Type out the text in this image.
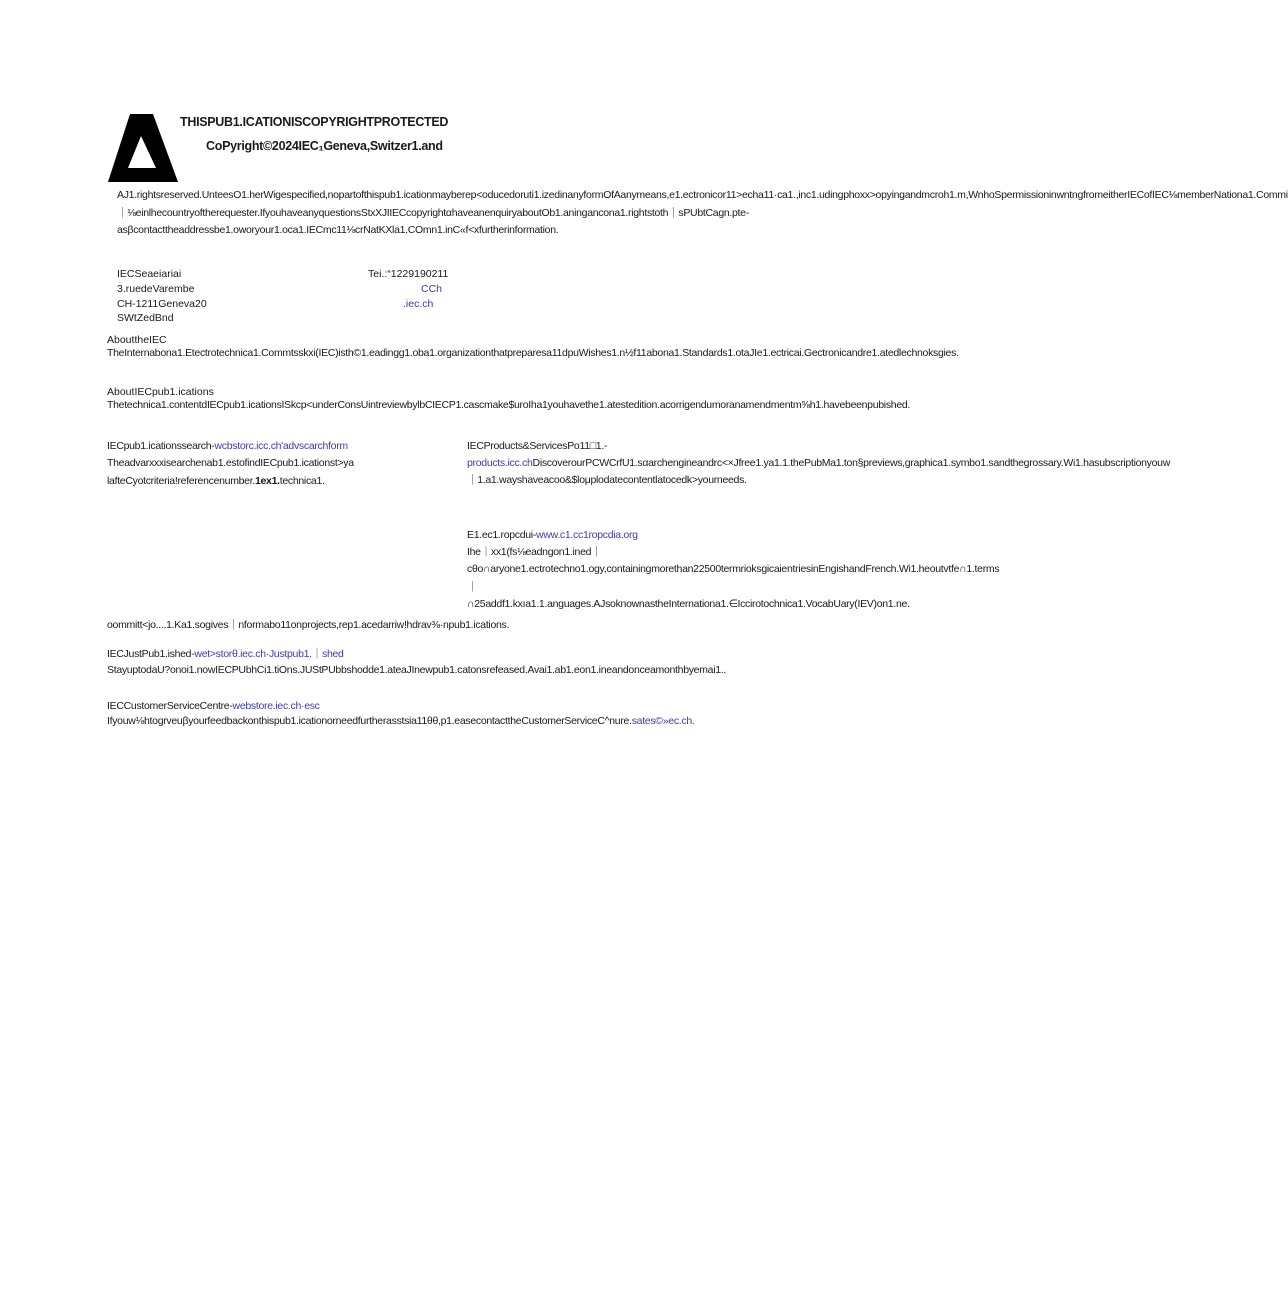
THISPUB1.ICATIONISCOPYRIGHTPROTECTED
CoPyright©2024IEC₁Geneva,Switzer1.and
AJ1.rightsreserved.UnteesO1.herWigespecified,nopartofthispub1.icationmayberep<oducedoruti1.izedinanyformOfAanymeans,e1.ectronicor11>echa11·ca1.,inc1.udingphoxx>opyingandmcroh1.m,WnhoSpermissioninwntngfromeitherIECofIEC⅛memberNationa1.Commi｜⅛einlhecountryoftherequester.IfyouhaveanyquestionsStxXJIIECcopyrightαhaveanenquiryaboutOb1.aningancona1.rightstoth｜sPUbtCagn.pte-asβcontacttheaddressbe1.oworyour1.oca1.IECmc11⅛crNatKXla1.COmn1.inC«f<xfurtherinformation.
IECSeaeiariai
3.ruedeVarembe
CH-1211Geneva20
SWtZedBnd
Tei.:“1229190211
CCh
.iec.ch
AbouttheIEC
TheInternabona1.Etectrotechnica1.Commtsskxi(IEC)isth©1.eadingg1.oba1.organizationthatpreparesa11dpuWishes1.n½f11abona1.Standards1.otaJIe1.ectricai.Gectronicandre1.atedlechnoksgies.
AboutIECpub1.ications
Thetechnica1.contentdIECpub1.icationsISkcp<underConsUintreviewbylbCIECP1.cascmake$uroIha1youhavethe1.atestedition.acorrigendumoranamendmentm⅝h1.havebeenpubished.
IECpub1.icationssearch-wcbstorc.icc.ch'advscarchform
Theadvarxxxisearchenab1.estofindIECpub1.icationst>ya
lafteCyotcriteria!referencenumber.1ex1.technica1.
IECProducts&ServicesPo11□1.-
products.icc.chDiscoverourPCWCrfU1.sαarchengineandrc<×Jfree1.ya1.1.thePubMa1.ton§previews,graphica1.symbo1.sandthegrossary.Wi1.hasubscriptionyouw｜1.a1.wayshaveacoo&$loμplodatecontentlatocedk>yourneeds.
E1.ec1.ropcdui-www.c1.cc1ropcdia.org
Ihe｜xx1(fs⅛eadngon1.ined｜cθo∩aryone1.ectrotechno1.ogy,containingmorethan22500termrioksgicaientriesinEngishandFrench.Wi1.heoutvtfe∩1.terms｜∩25addf1.kxıa1.1.anguages.AJsoknownastheInternationa1.∈Iccirotochnica1.VocabUary(IEV)on1.ne.
oommitt<jo....1.Ka1.sogives｜nformabo11onprojects,rep1.acedarriw!hdrav⅜·npub1.ications.
IECJustPub1.ished-wet>storθ.iec.ch·Justpub1.｜shed
StayuptodaU?onoi1.nowIECPUbhCi1.tiOns.JUStPUbbshodde1.ateaJInewpub1.catonsrefeased.Avai1.ab1.eon1.ineandonceamonthbyemai1..
IECCustomerServiceCentre-webstore.iec.ch·esc
Ifyouw⅛htogrveuβyourfeedbackonthispub1.icationorneedfurtherasstsia11θθ,p1.easecontacttheCustomerServiceC^nure.sates©»ec.ch.
